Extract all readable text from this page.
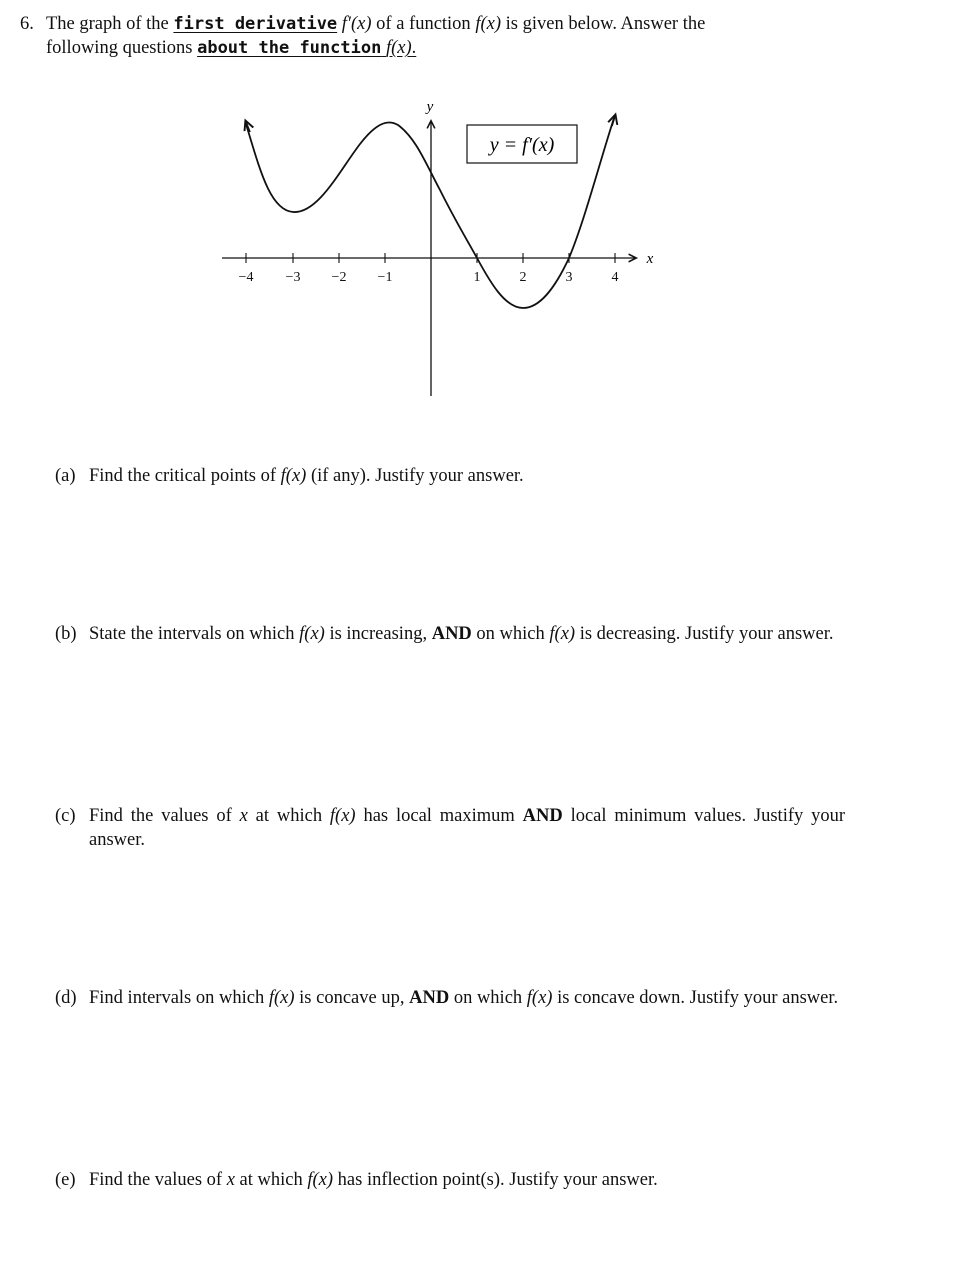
6. The graph of the first derivative f′(x) of a function f(x) is given below. Answer the
following questions about the function f(x).
−4 −3 −2 −1	1	2	3	4
y
x
y = f′(x)
(a) Find the critical points of f(x) (if any). Justify your answer.
(b) State the intervals on which f(x) is increasing, AND on which f(x) is decreasing. Justify your answer.
(c) Find the values of x at which f(x) has local maximum AND local minimum values. Justify your answer.
(d) Find intervals on which f(x) is concave up, AND on which f(x) is concave down. Justify your answer.
(e) Find the values of x at which f(x) has inflection point(s). Justify your answer.
